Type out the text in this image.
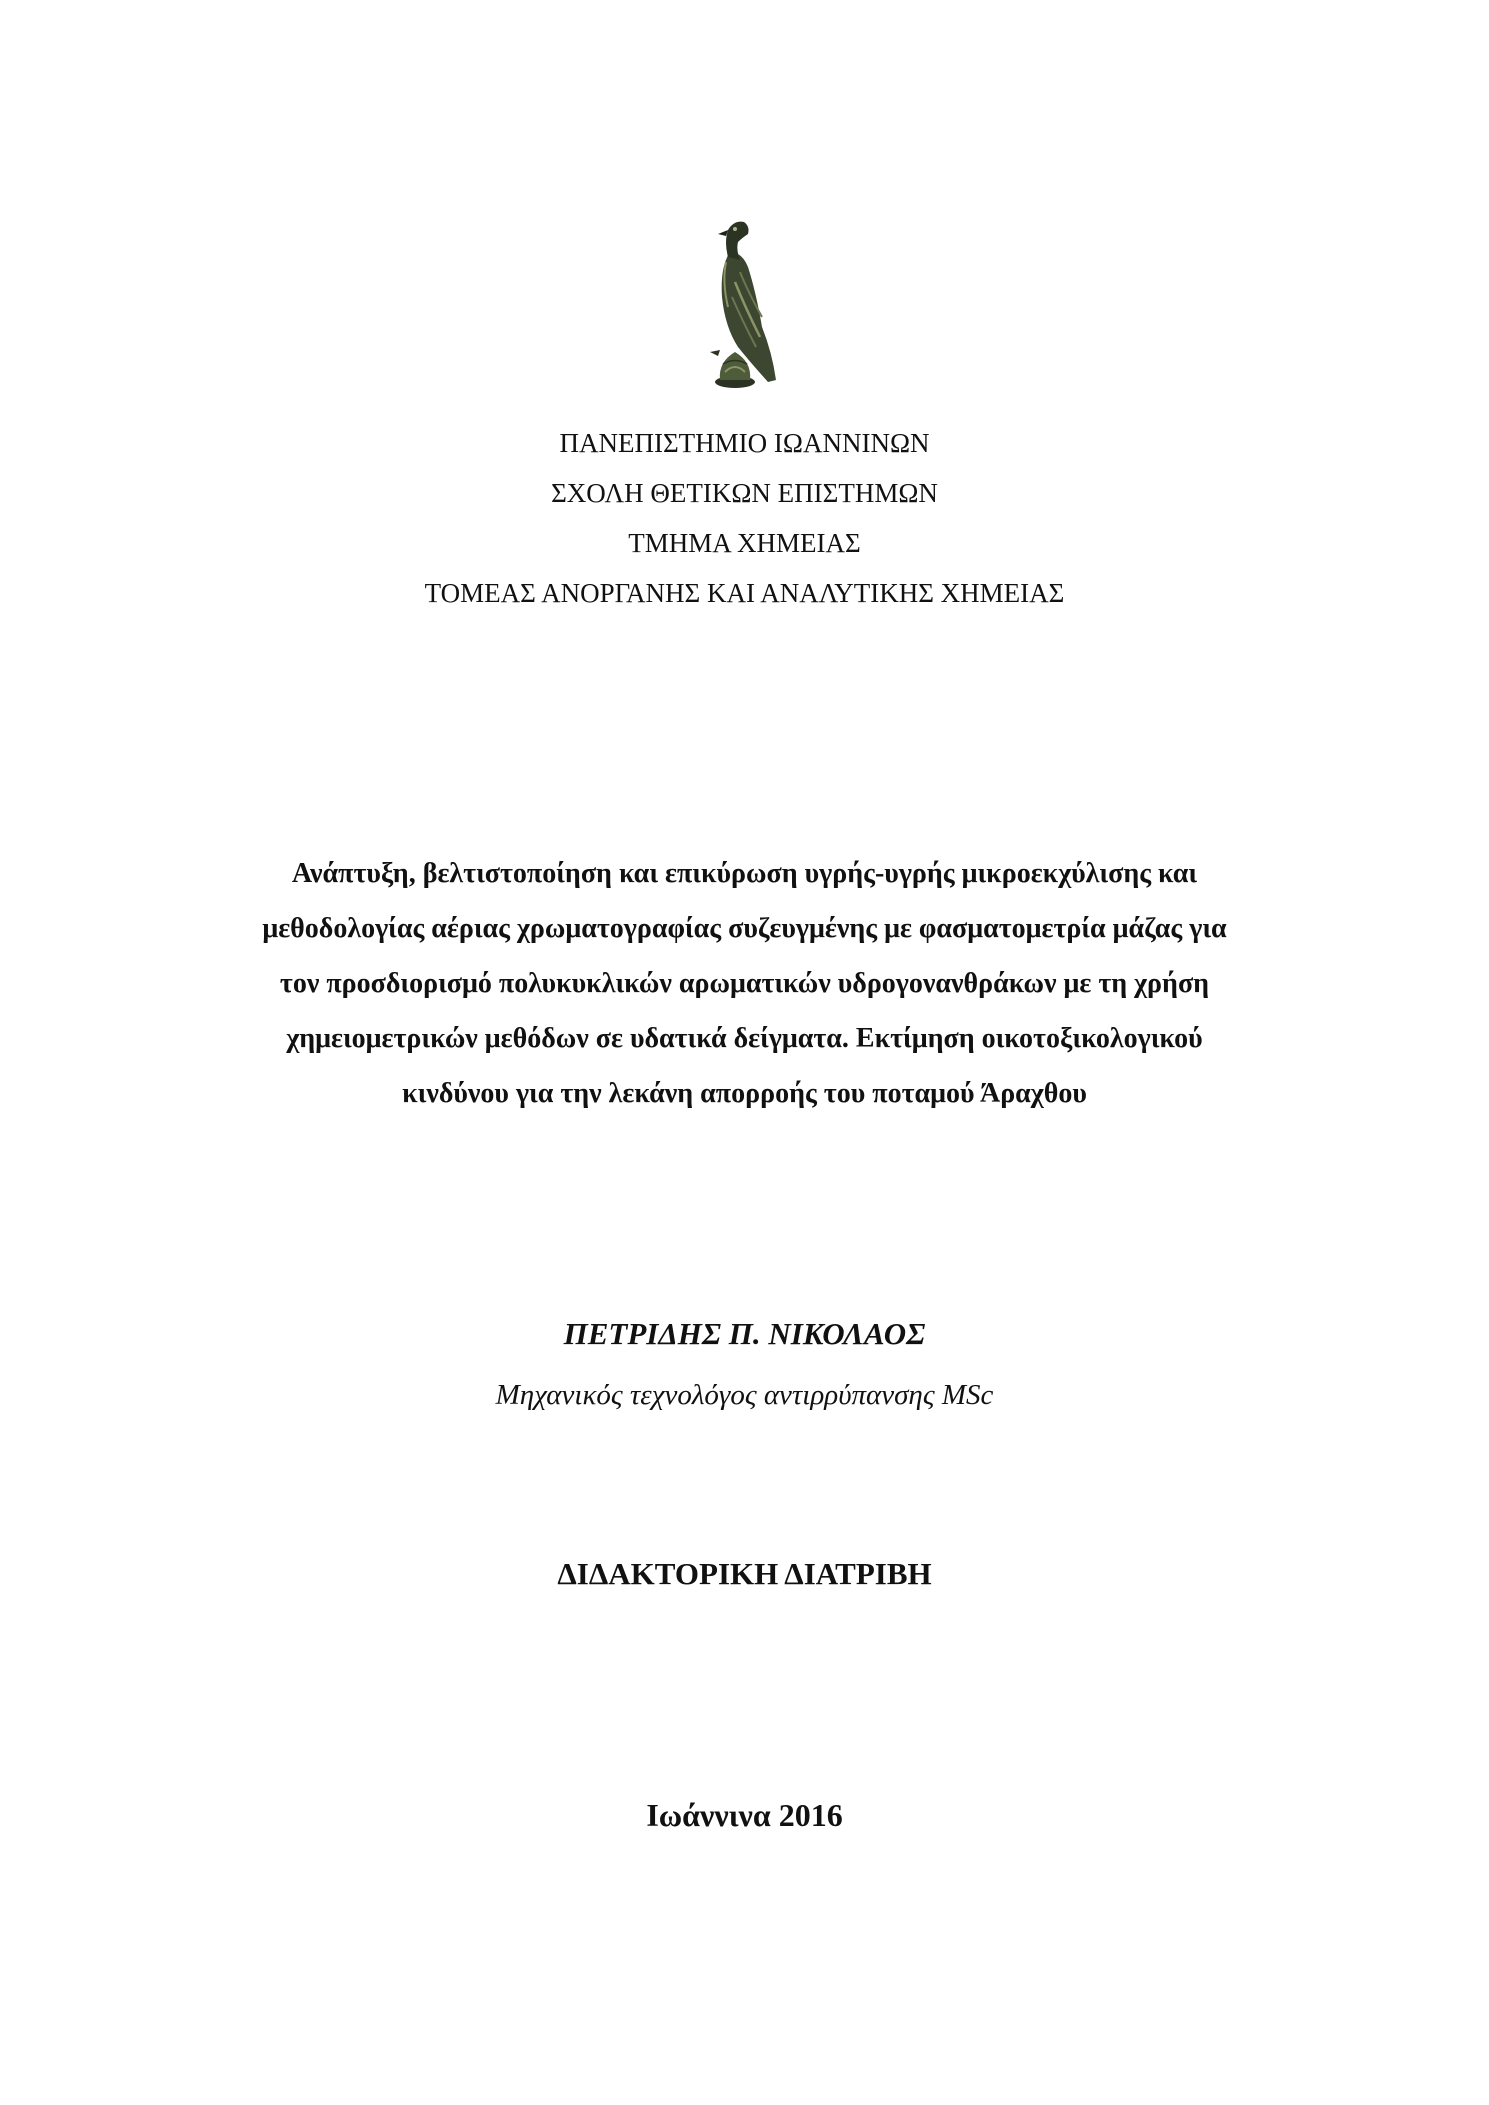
ΠΑΝΕΠΙΣΤΗΜΙΟ ΙΩΑΝΝΙΝΩΝ
ΣΧΟΛΗ ΘΕΤΙΚΩΝ ΕΠΙΣΤΗΜΩΝ
ΤΜΗΜΑ ΧΗΜΕΙΑΣ
ΤΟΜΕΑΣ ΑΝΟΡΓΑΝΗΣ ΚΑΙ ΑΝΑΛΥΤΙΚΗΣ ΧΗΜΕΙΑΣ
Ανάπτυξη, βελτιστοποίηση και επικύρωση υγρής-υγρής μικροεκχύλισης και
μεθοδολογίας αέριας χρωματογραφίας συζευγμένης με φασματομετρία μάζας για
τον προσδιορισμό πολυκυκλικών αρωματικών υδρογονανθράκων με τη χρήση
χημειομετρικών μεθόδων σε υδατικά δείγματα. Εκτίμηση οικοτοξικολογικού
κινδύνου για την λεκάνη απορροής του ποταμού Άραχθου
ΠΕΤΡΙΔΗΣ Π. ΝΙΚΟΛΑΟΣ
Μηχανικός τεχνολόγος αντιρρύπανσης MSc
ΔΙΔΑΚΤΟΡΙΚΗ ΔΙΑΤΡΙΒΗ
Ιωάννινα 2016
